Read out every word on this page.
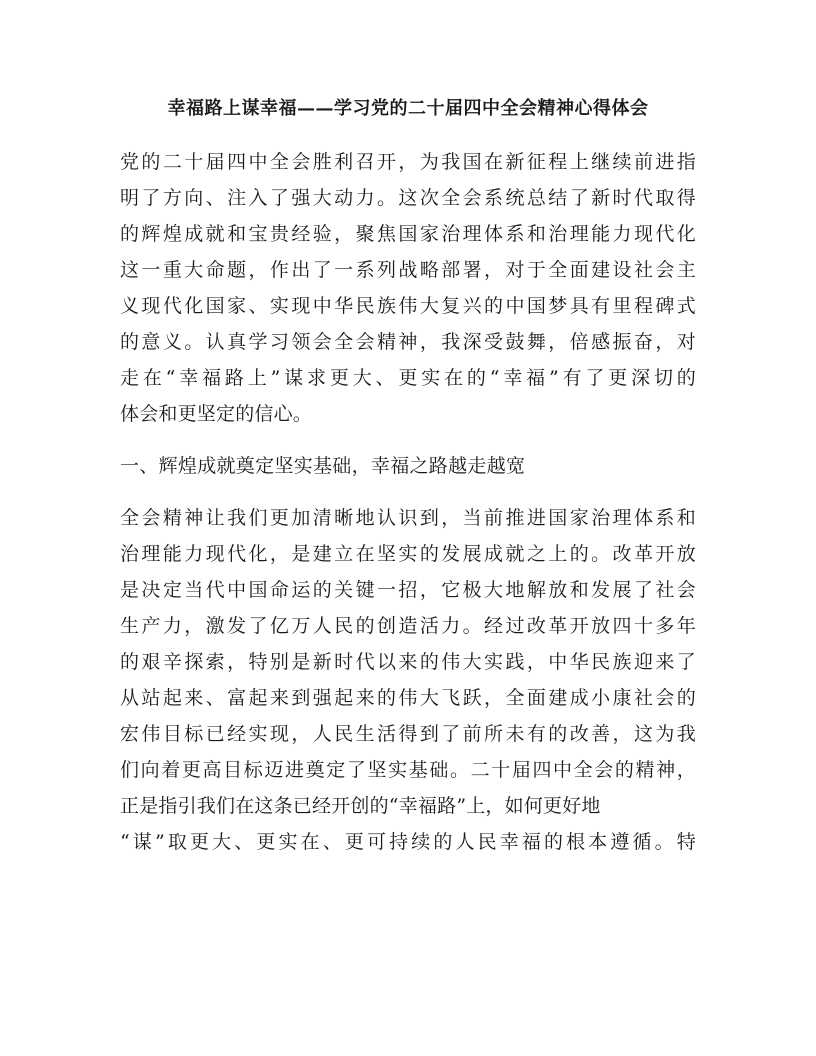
幸福路上谋幸福——学习党的二十届四中全会精神心得体会
党的二十届四中全会胜利召开，为我国在新征程上继续前进指
明了方向、注入了强大动力。这次全会系统总结了新时代取得
的辉煌成就和宝贵经验，聚焦国家治理体系和治理能力现代化
这一重大命题，作出了一系列战略部署，对于全面建设社会主
义现代化国家、实现中华民族伟大复兴的中国梦具有里程碑式
的意义。认真学习领会全会精神，我深受鼓舞，倍感振奋，对
走在“幸福路上”谋求更大、更实在的“幸福”有了更深切的
体会和更坚定的信心。
一、辉煌成就奠定坚实基础，幸福之路越走越宽
全会精神让我们更加清晰地认识到，当前推进国家治理体系和
治理能力现代化，是建立在坚实的发展成就之上的。改革开放
是决定当代中国命运的关键一招，它极大地解放和发展了社会
生产力，激发了亿万人民的创造活力。经过改革开放四十多年
的艰辛探索，特别是新时代以来的伟大实践，中华民族迎来了
从站起来、富起来到强起来的伟大飞跃，全面建成小康社会的
宏伟目标已经实现，人民生活得到了前所未有的改善，这为我
们向着更高目标迈进奠定了坚实基础。二十届四中全会的精神，
正是指引我们在这条已经开创的“幸福路”上，如何更好地
“谋”取更大、更实在、更可持续的人民幸福的根本遵循。特
